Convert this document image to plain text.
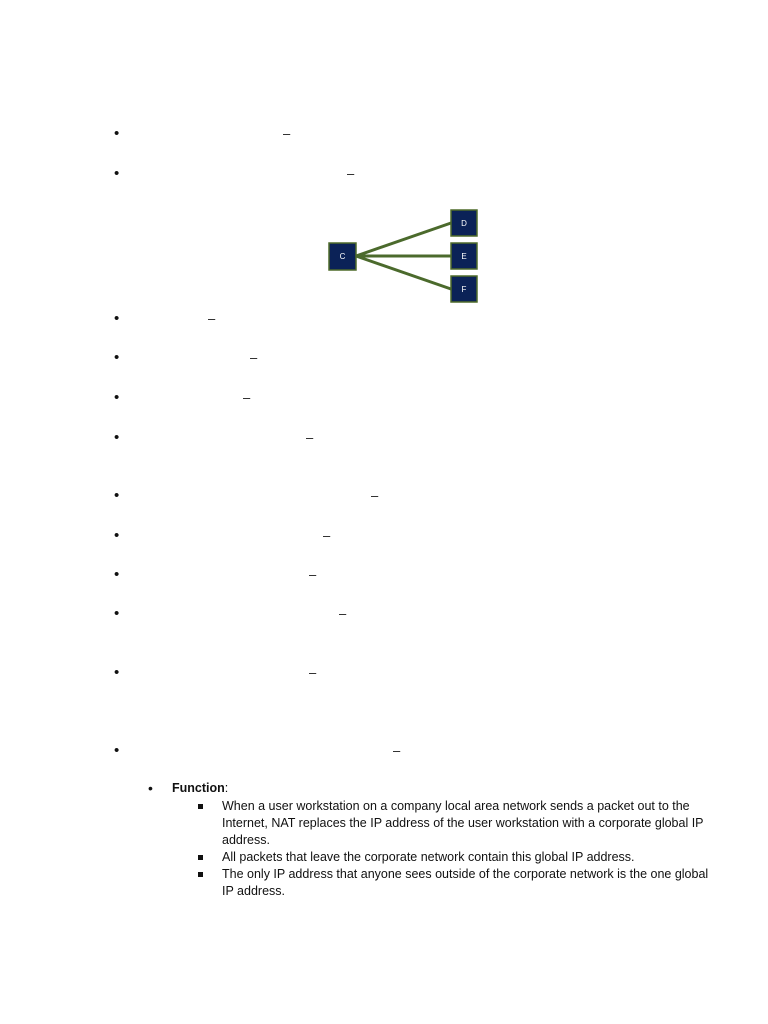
•	–
•	–
C
D
E
F
•	–
•	–
•	–
•	–
•	–
•	–
•	–
•	–
•	–
•	–
• Function:
When a user workstation on a company local area network sends a packet out to the Internet, NAT replaces the IP address of the user workstation with a corporate global IP address.
All packets that leave the corporate network contain this global IP address.
The only IP address that anyone sees outside of the corporate network is the one global IP address.
